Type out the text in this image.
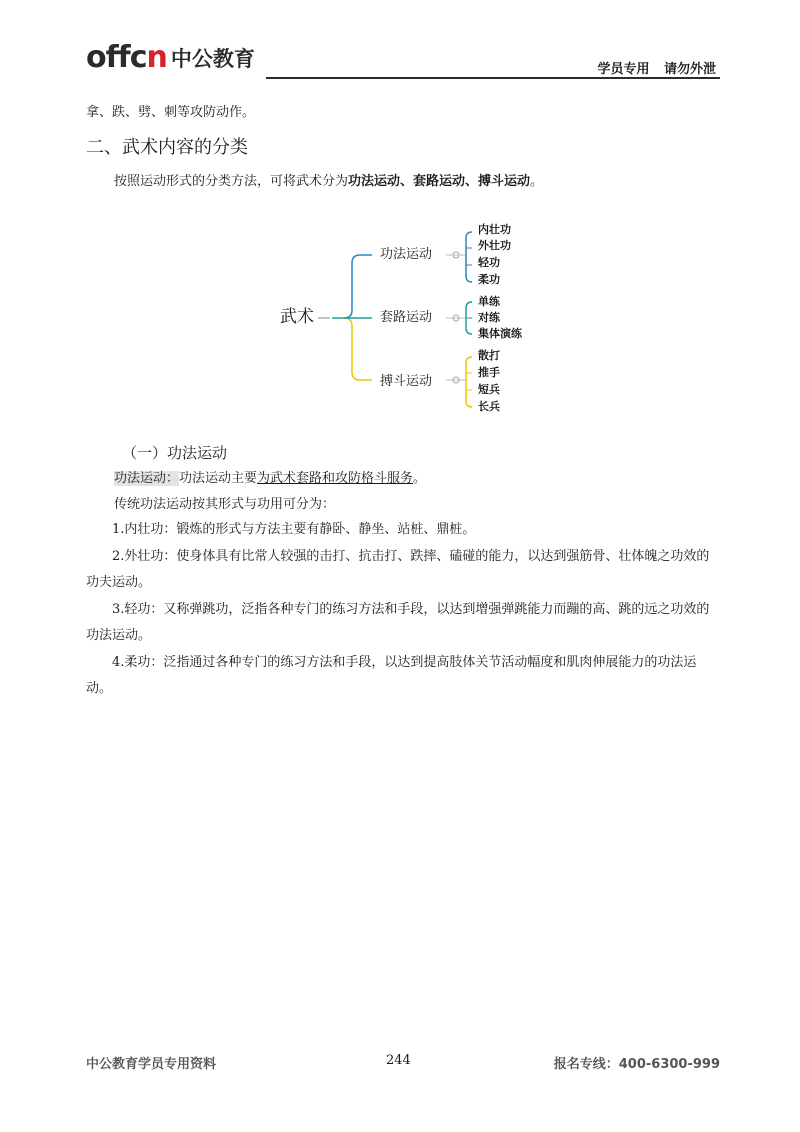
offcn 中公教育	学员专用 请勿外泄
拿、跌、劈、刺等攻防动作。
二、武术内容的分类
按照运动形式的分类方法，可将武术分为功法运动、套路运动、搏斗运动。
武术
功法运动
套路运动
搏斗运动
内壮功
外壮功
轻功
柔功
单练
对练
集体演练
散打
推手
短兵
长兵
（一）功法运动
功法运动：功法运动主要为武术套路和攻防格斗服务。
传统功法运动按其形式与功用可分为：
1.内壮功：锻炼的形式与方法主要有静卧、静坐、站桩、鼎桩。
2.外壮功：使身体具有比常人较强的击打、抗击打、跌摔、磕碰的能力，以达到强筋骨、壮体魄之功效的功夫运动。
3.轻功：又称弹跳功，泛指各种专门的练习方法和手段，以达到增强弹跳能力而蹦的高、跳的远之功效的功法运动。
4.柔功：泛指通过各种专门的练习方法和手段，以达到提高肢体关节活动幅度和肌肉伸展能力的功法运动。
中公教育学员专用资料	244	报名专线：400-6300-999
